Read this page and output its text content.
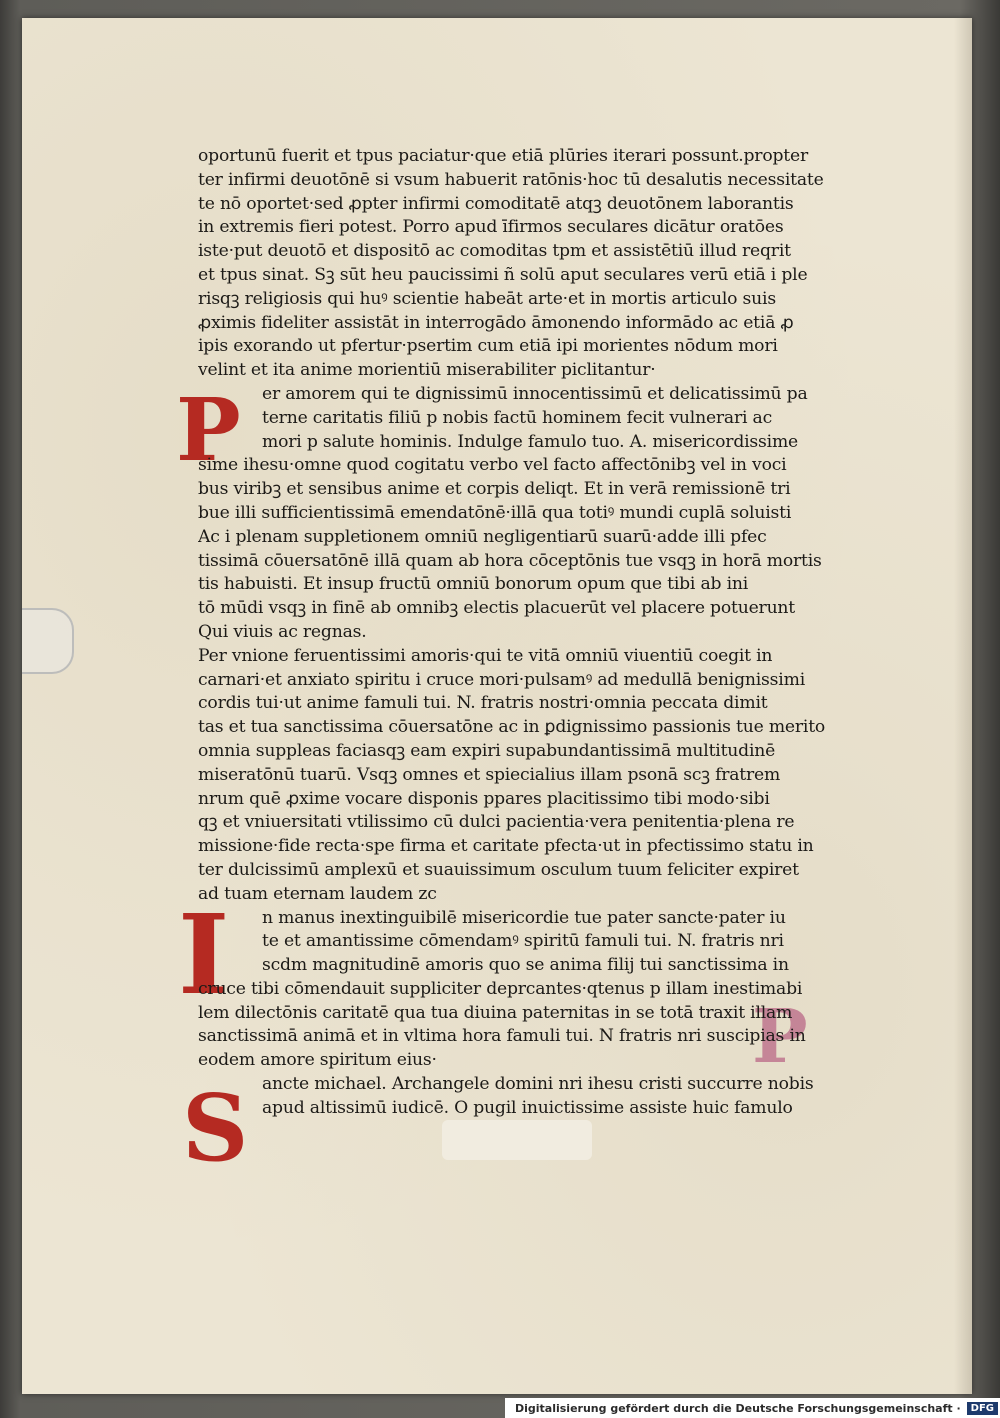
P
I
S
P
oportunū fuerit et tpus paciatur·que etiā plūries iterari possunt.propter
ter infirmi deuotōnē si vsum habuerit ratōnis·hoc tū desalutis necessitate
te nō oportet·sed ꝓpter infirmi comoditatē atqꝫ deuotōnem laborantis
in extremis fieri potest. Porro apud īfirmos seculares dicātur oratōes
iste·put deuotō et dispositō ac comoditas tpm et assistētiū illud reqrit
et tpus sinat. Sꝫ sūt heu paucissimi ñ solū aput seculares verū etiā i ple
risqꝫ religiosis qui huꝰ scientie habeāt arte·et in mortis articulo suis
ꝓximis fideliter assistāt in interrogādo āmonendo informādo ac etiā ꝓ
ipis exorando ut pfertur·psertim cum etiā ipi morientes nōdum mori
velint et ita anime morientiū miserabiliter piclitantur·
er amorem qui te dignissimū innocentissimū et delicatissimū pa
terne caritatis filiū p nobis factū hominem fecit vulnerari ac
mori p salute hominis. Indulge famulo tuo. A. misericordissime
sime ihesu·omne quod cogitatu verbo vel facto affectōnibꝫ vel in voci
bus viribꝫ et sensibus anime et corpis deliqt. Et in verā remissionē tri
bue illi sufficientissimā emendatōnē·illā qua totiꝰ mundi cuplā soluisti
Ac i plenam suppletionem omniū negligentiarū suarū·adde illi pfec
tissimā cōuersatōnē illā quam ab hora cōceptōnis tue vsqꝫ in horā mortis
tis habuisti. Et insup fructū omniū bonorum opum que tibi ab ini
tō mūdi vsqꝫ in finē ab omnibꝫ electis placuerūt vel placere potuerunt
Qui viuis ac regnas.
Per vnione feruentissimi amoris·qui te vitā omniū viuentiū coegit in
carnari·et anxiato spiritu i cruce mori·pulsamꝰ ad medullā benignissimi
cordis tui·ut anime famuli tui. N. fratris nostri·omnia peccata dimit
tas et tua sanctissima cōuersatōne ac in ꝑdignissimo passionis tue merito
omnia suppleas faciasqꝫ eam expiri supabundantissimā multitudinē
miseratōnū tuarū. Vsqꝫ omnes et spiecialius illam psonā scꝫ fratrem
nrum quē ꝓxime vocare disponis ppares placitissimo tibi modo·sibi
qꝫ et vniuersitati vtilissimo cū dulci pacientia·vera penitentia·plena re
missione·fide recta·spe firma et caritate pfecta·ut in pfectissimo statu in
ter dulcissimū amplexū et suauissimum osculum tuum feliciter expiret
ad tuam eternam laudem zc
n manus inextinguibilē misericordie tue pater sancte·pater iu
te et amantissime cōmendamꝰ spiritū famuli tui. N. fratris nri
scdm magnitudinē amoris quo se anima filij tui sanctissima in
cruce tibi cōmendauit suppliciter deprcantes·qtenus p illam inestimabi
lem dilectōnis caritatē qua tua diuina paternitas in se totā traxit illam
sanctissimā animā et in vltima hora famuli tui. N fratris nri suscipias in
eodem amore spiritum eius·
ancte michael. Archangele domini nri ihesu cristi succurre nobis
apud altissimū iudicē. O pugil inuictissime assiste huic famulo
Digitalisierung gefördert durch die Deutsche Forschungsgemeinschaft ·	DFG
